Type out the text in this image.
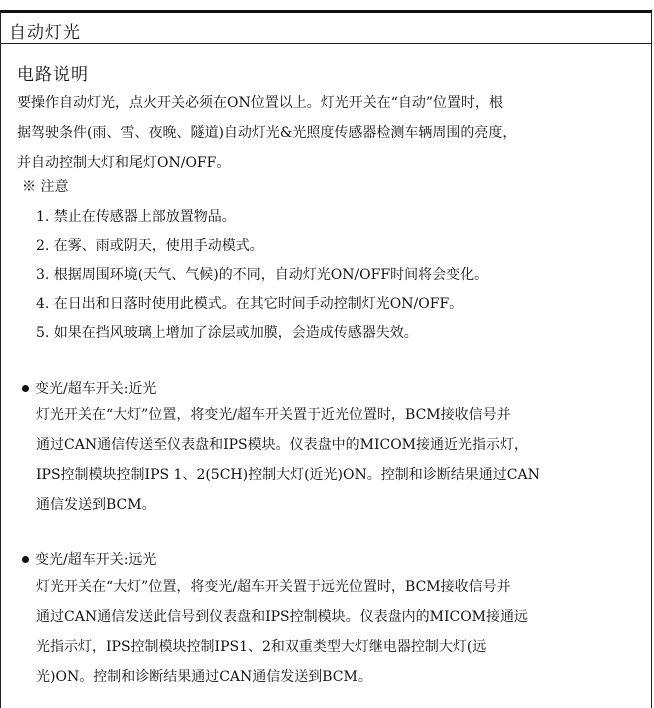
自动灯光
电路说明
要操作自动灯光，点火开关必须在ON位置以上。灯光开关在“自动”位置时，根
据驾驶条件(雨、雪、夜晚、隧道)自动灯光&光照度传感器检测车辆周围的亮度，
并自动控制大灯和尾灯ON/OFF。
※ 注意
1. 禁止在传感器上部放置物品。
2. 在雾、雨或阴天，使用手动模式。
3. 根据周围环境(天气、气候)的不同，自动灯光ON/OFF时间将会变化。
4. 在日出和日落时使用此模式。在其它时间手动控制灯光ON/OFF。
5. 如果在挡风玻璃上增加了涂层或加膜，会造成传感器失效。
变光/超车开关:近光
灯光开关在“大灯”位置，将变光/超车开关置于近光位置时，BCM接收信号并
通过CAN通信传送至仪表盘和IPS模块。仪表盘中的MICOM接通近光指示灯，
IPS控制模块控制IPS 1、2(5CH)控制大灯(近光)ON。控制和诊断结果通过CAN
通信发送到BCM。
变光/超车开关:远光
灯光开关在“大灯”位置，将变光/超车开关置于远光位置时，BCM接收信号并
通过CAN通信发送此信号到仪表盘和IPS控制模块。仪表盘内的MICOM接通远
光指示灯，IPS控制模块控制IPS1、2和双重类型大灯继电器控制大灯(远
光)ON。控制和诊断结果通过CAN通信发送到BCM。
